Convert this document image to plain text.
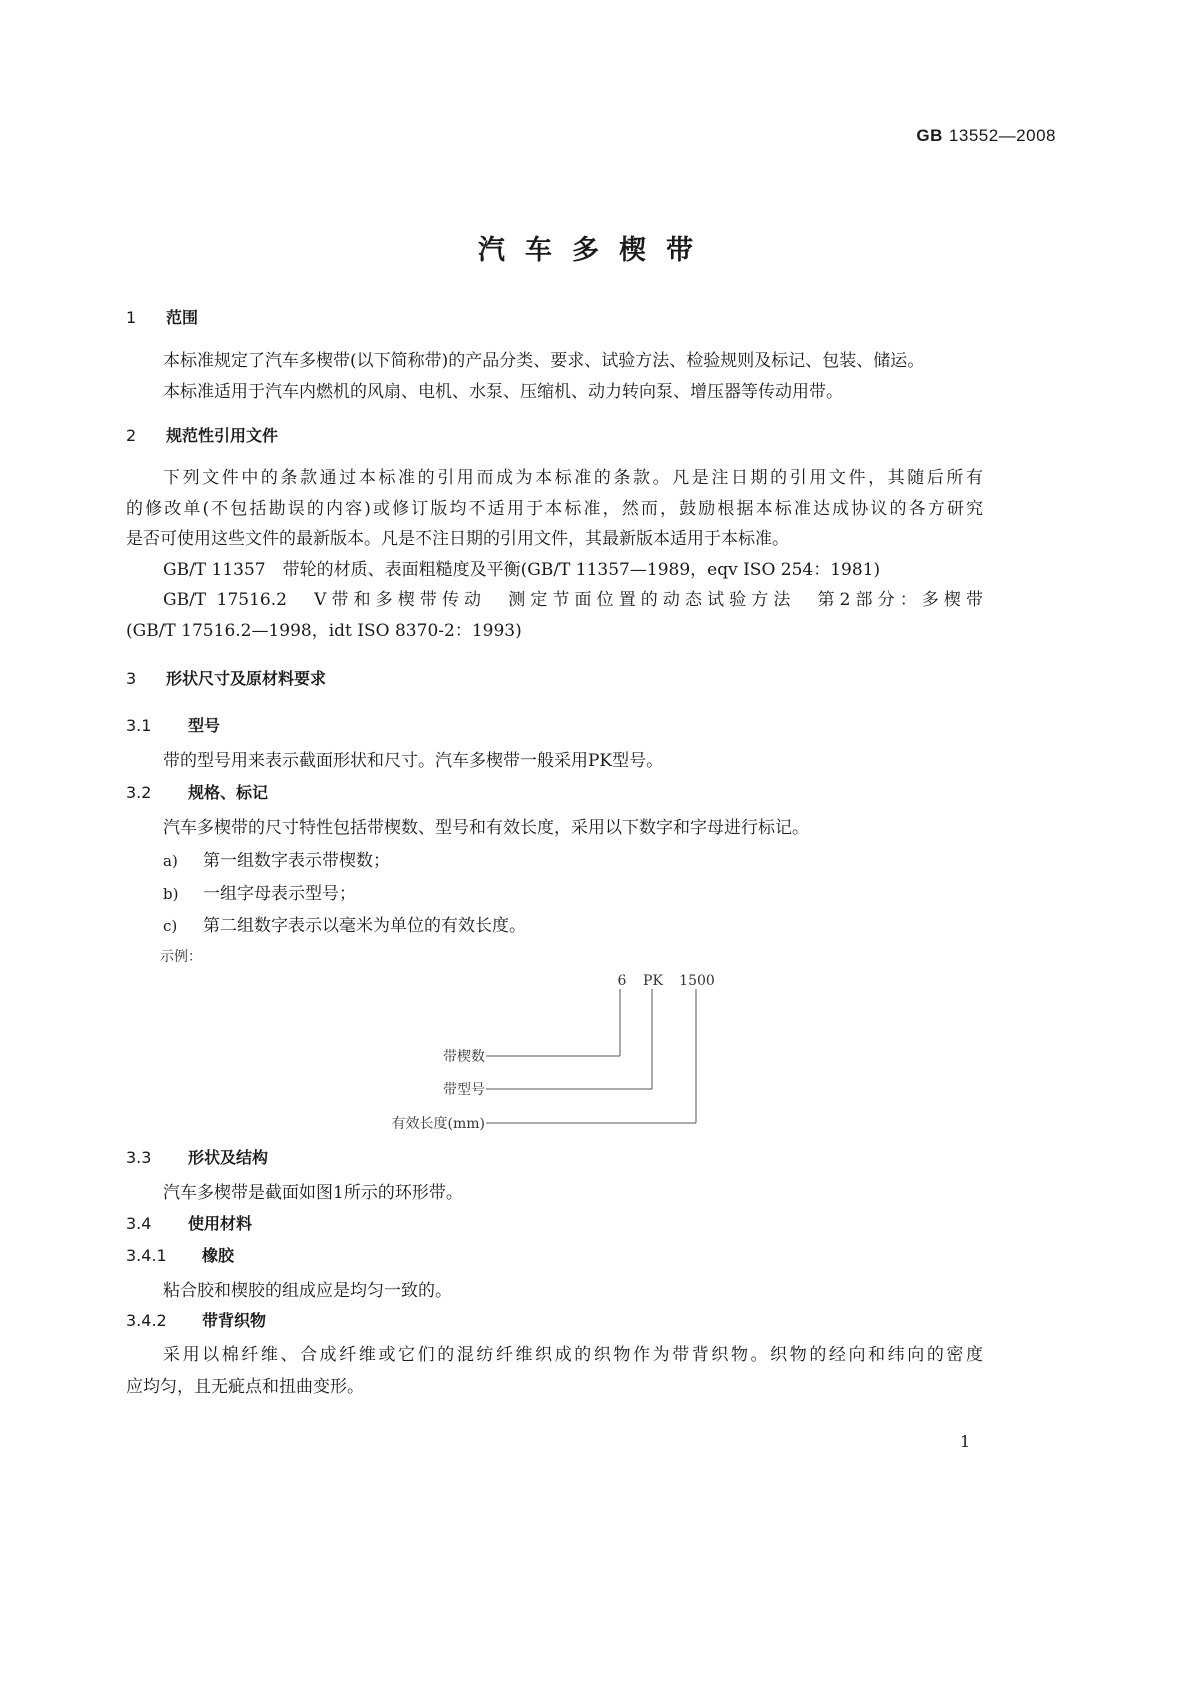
GB 13552—2008
汽车多楔带
1 范围
本标准规定了汽车多楔带(以下简称带)的产品分类、要求、试验方法、检验规则及标记、包装、储运。
本标准适用于汽车内燃机的风扇、电机、水泵、压缩机、动力转向泵、增压器等传动用带。
2 规范性引用文件
下列文件中的条款通过本标准的引用而成为本标准的条款。凡是注日期的引用文件，其随后所有
的修改单(不包括勘误的内容)或修订版均不适用于本标准，然而，鼓励根据本标准达成协议的各方研究
是否可使用这些文件的最新版本。凡是不注日期的引用文件，其最新版本适用于本标准。
GB/T 11357　带轮的材质、表面粗糙度及平衡(GB/T 11357—1989，eqv ISO 254：1981)
GB/T 17516.2　V带和多楔带传动　测定节面位置的动态试验方法　第2部分：多楔带
(GB/T 17516.2—1998，idt ISO 8370-2：1993)
3 形状尺寸及原材料要求
3.1 型号
带的型号用来表示截面形状和尺寸。汽车多楔带一般采用PK型号。
3.2 规格、标记
汽车多楔带的尺寸特性包括带楔数、型号和有效长度，采用以下数字和字母进行标记。
a) 第一组数字表示带楔数；
b) 一组字母表示型号；
c) 第二组数字表示以毫米为单位的有效长度。
示例：
6 PK 1500
带楔数
带型号
有效长度(mm)
3.3 形状及结构
汽车多楔带是截面如图1所示的环形带。
3.4 使用材料
3.4.1 橡胶
粘合胶和楔胶的组成应是均匀一致的。
3.4.2 带背织物
采用以棉纤维、合成纤维或它们的混纺纤维织成的织物作为带背织物。织物的经向和纬向的密度
应均匀，且无疵点和扭曲变形。
1
